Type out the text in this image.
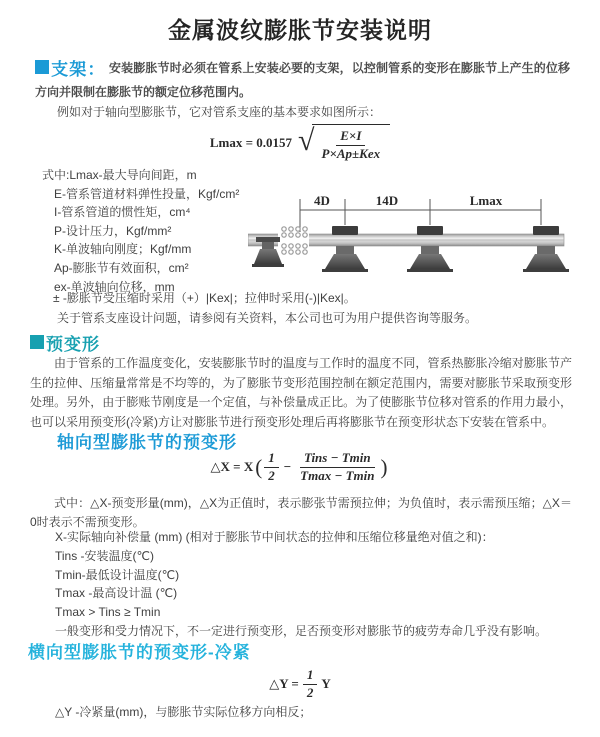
金属波纹膨胀节安装说明
支架： 安装膨胀节时必须在管系上安装必要的支架，以控制管系的变形在膨胀节上产生的位移方向并限制在膨胀节的额定位移范围内。
例如对于轴向型膨胀节，它对管系支座的基本要求如图所示：
Lmax = 0.0157 √ $\frac{E\times I}{\text{P×Ap±Kex}}$
式中:Lmax-最大导向间距，m
E-管系管道材料弹性投量，Kgf/cm²
I-管系管道的惯性矩，cm⁴
P-设计压力，Kgf/mm²
K-单波轴向刚度；Kgf/mm
Ap-膨胀节有效面积，cm²
ex-单波轴向位移，mm
± -膨胀节受压缩时采用（+）|Kex|；拉伸时采用(-)|Kex|。
关于管系支座设计问题，请参阅有关资料，本公司也可为用户提供咨询等服务。
4D	14D	Lmax
预变形
由于管系的工作温度变化，安装膨胀节时的温度与工作时的温度不同，管系热膨胀冷缩对膨胀节产生的拉伸、压缩量常常是不均等的，为了膨胀节变形范围控制在额定范围内，需要对膨胀节采取预变形处理。另外，由于膨账节刚度是一个定值，与补偿量成正比。为了使膨胀节位移对管系的作用力最小，也可以采用预变形(冷紧)方让对膨胀节进行预变形处理后再将膨胀节在预变形状态下安装在管系中。
轴向型膨胀节的预变形
△X = X ( $\frac{1}{2} - \frac{\text{Tins − Tmin}}{Tmax - Tmin}$ )
式中：△X-预变形量(mm)，△X为正值时，表示膨张节需预拉伸；为负值时，表示需预压缩；△X＝0时表示不需预变形。
X-实际轴向补偿量 (mm) (相对于膨胀节中间状态的拉伸和压缩位移量绝对值之和)：
Tins -安装温度(℃)
Tmin-最低设计温度(℃)
Tmax -最高设计温 (℃)
Tmax > Tins ≥ Tmin
一般变形和受力情况下，不一定进行预变形，足否预变形对膨胀节的疲劳寿命几乎没有影响。
横向型膨胀节的预变形-冷紧
△Y = $\frac{1}{2}$ Y
△Y -冷紧量(mm)，与膨胀节实际位移方向相反；
